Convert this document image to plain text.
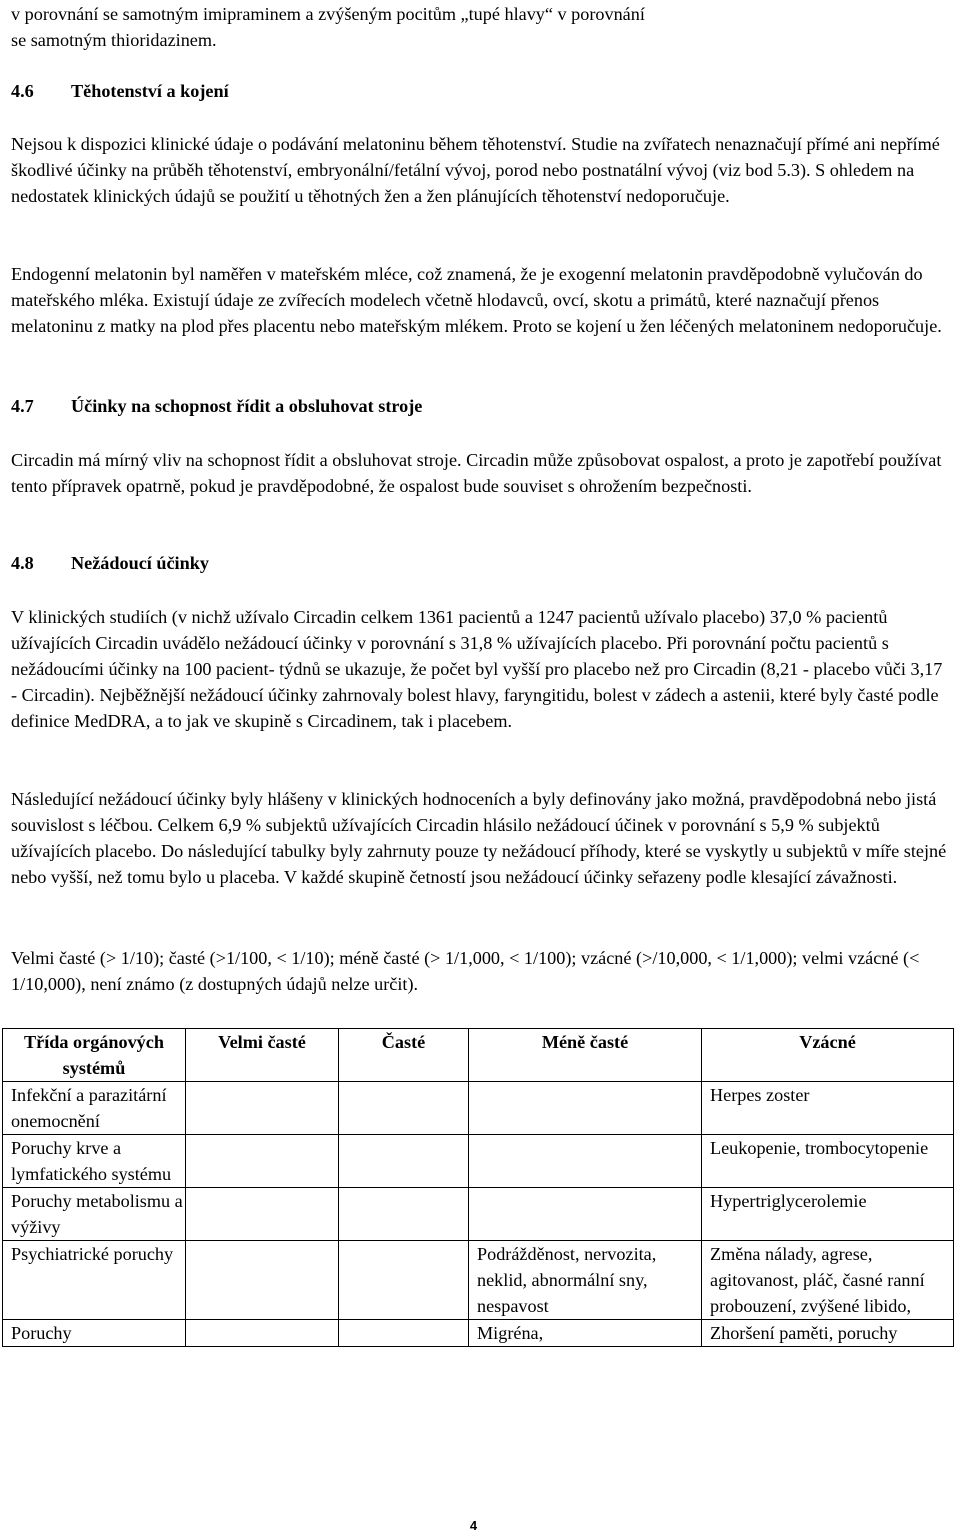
v porovnání se samotným imipraminem a zvýšeným pocitům „tupé hlavy“ v porovnání
se samotným thioridazinem.

4.6 Těhotenství a kojení

Nejsou k dispozici klinické údaje o podávání melatoninu během těhotenství. Studie na zvířatech nenaznačují přímé ani nepřímé škodlivé účinky na průběh těhotenství, embryonální/fetální vývoj, porod nebo postnatální vývoj (viz bod 5.3). S ohledem na nedostatek klinických údajů se použití u těhotných žen a žen plánujících těhotenství nedoporučuje.

Endogenní melatonin byl naměřen v mateřském mléce, což znamená, že je exogenní melatonin pravděpodobně vylučován do mateřského mléka. Existují údaje ze zvířecích modelech včetně hlodavců, ovcí, skotu a primátů, které naznačují přenos melatoninu z matky na plod přes placentu nebo mateřským mlékem. Proto se kojení u žen léčených melatoninem nedoporučuje.

4.7 Účinky na schopnost řídit a obsluhovat stroje

Circadin má mírný vliv na schopnost řídit a obsluhovat stroje. Circadin může způsobovat ospalost, a proto je zapotřebí používat tento přípravek opatrně, pokud je pravděpodobné, že ospalost bude souviset s ohrožením bezpečnosti.

4.8 Nežádoucí účinky

V klinických studiích (v nichž užívalo Circadin celkem 1361 pacientů a 1247 pacientů užívalo placebo) 37,0 % pacientů užívajících Circadin uvádělo nežádoucí účinky v porovnání s 31,8 % užívajících placebo. Při porovnání počtu pacientů s nežádoucími účinky na 100 pacient- týdnů se ukazuje, že počet byl vyšší pro placebo než pro Circadin (8,21 - placebo vůči 3,17 - Circadin). Nejběžnější nežádoucí účinky zahrnovaly bolest hlavy, faryngitidu, bolest v zádech a astenii, které byly časté podle definice MedDRA, a to jak ve skupině s Circadinem, tak i placebem.

Následující nežádoucí účinky byly hlášeny v klinických hodnoceních a byly definovány jako možná, pravděpodobná nebo jistá souvislost s léčbou. Celkem 6,9 % subjektů užívajících Circadin hlásilo nežádoucí účinek v porovnání s 5,9 % subjektů užívajících placebo. Do následující tabulky byly zahrnuty pouze ty nežádoucí příhody, které se vyskytly u subjektů v míře stejné nebo vyšší, než tomu bylo u placeba. V každé skupině četností jsou nežádoucí účinky seřazeny podle klesající závažnosti.

Velmi časté (> 1/10); časté (>1/100, < 1/10); méně časté (> 1/1,000, < 1/100); vzácné (>/10,000, < 1/1,000); velmi vzácné (< 1/10,000), není známo (z dostupných údajů nelze určit).

Třída orgánových systémů	Velmi časté	Časté	Méně časté	Vzácné
Infekční a parazitární onemocnění				Herpes zoster
Poruchy krve a lymfatického systému				Leukopenie, trombocytopenie
Poruchy metabolismu a výživy				Hypertriglycerolemie
Psychiatrické poruchy			Podrážděnost, nervozita, neklid, abnormální sny, nespavost	Změna nálady, agrese, agitovanost, pláč, časné ranní probouzení, zvýšené libido,
Poruchy			Migréna,	Zhoršení paměti, poruchy
4
